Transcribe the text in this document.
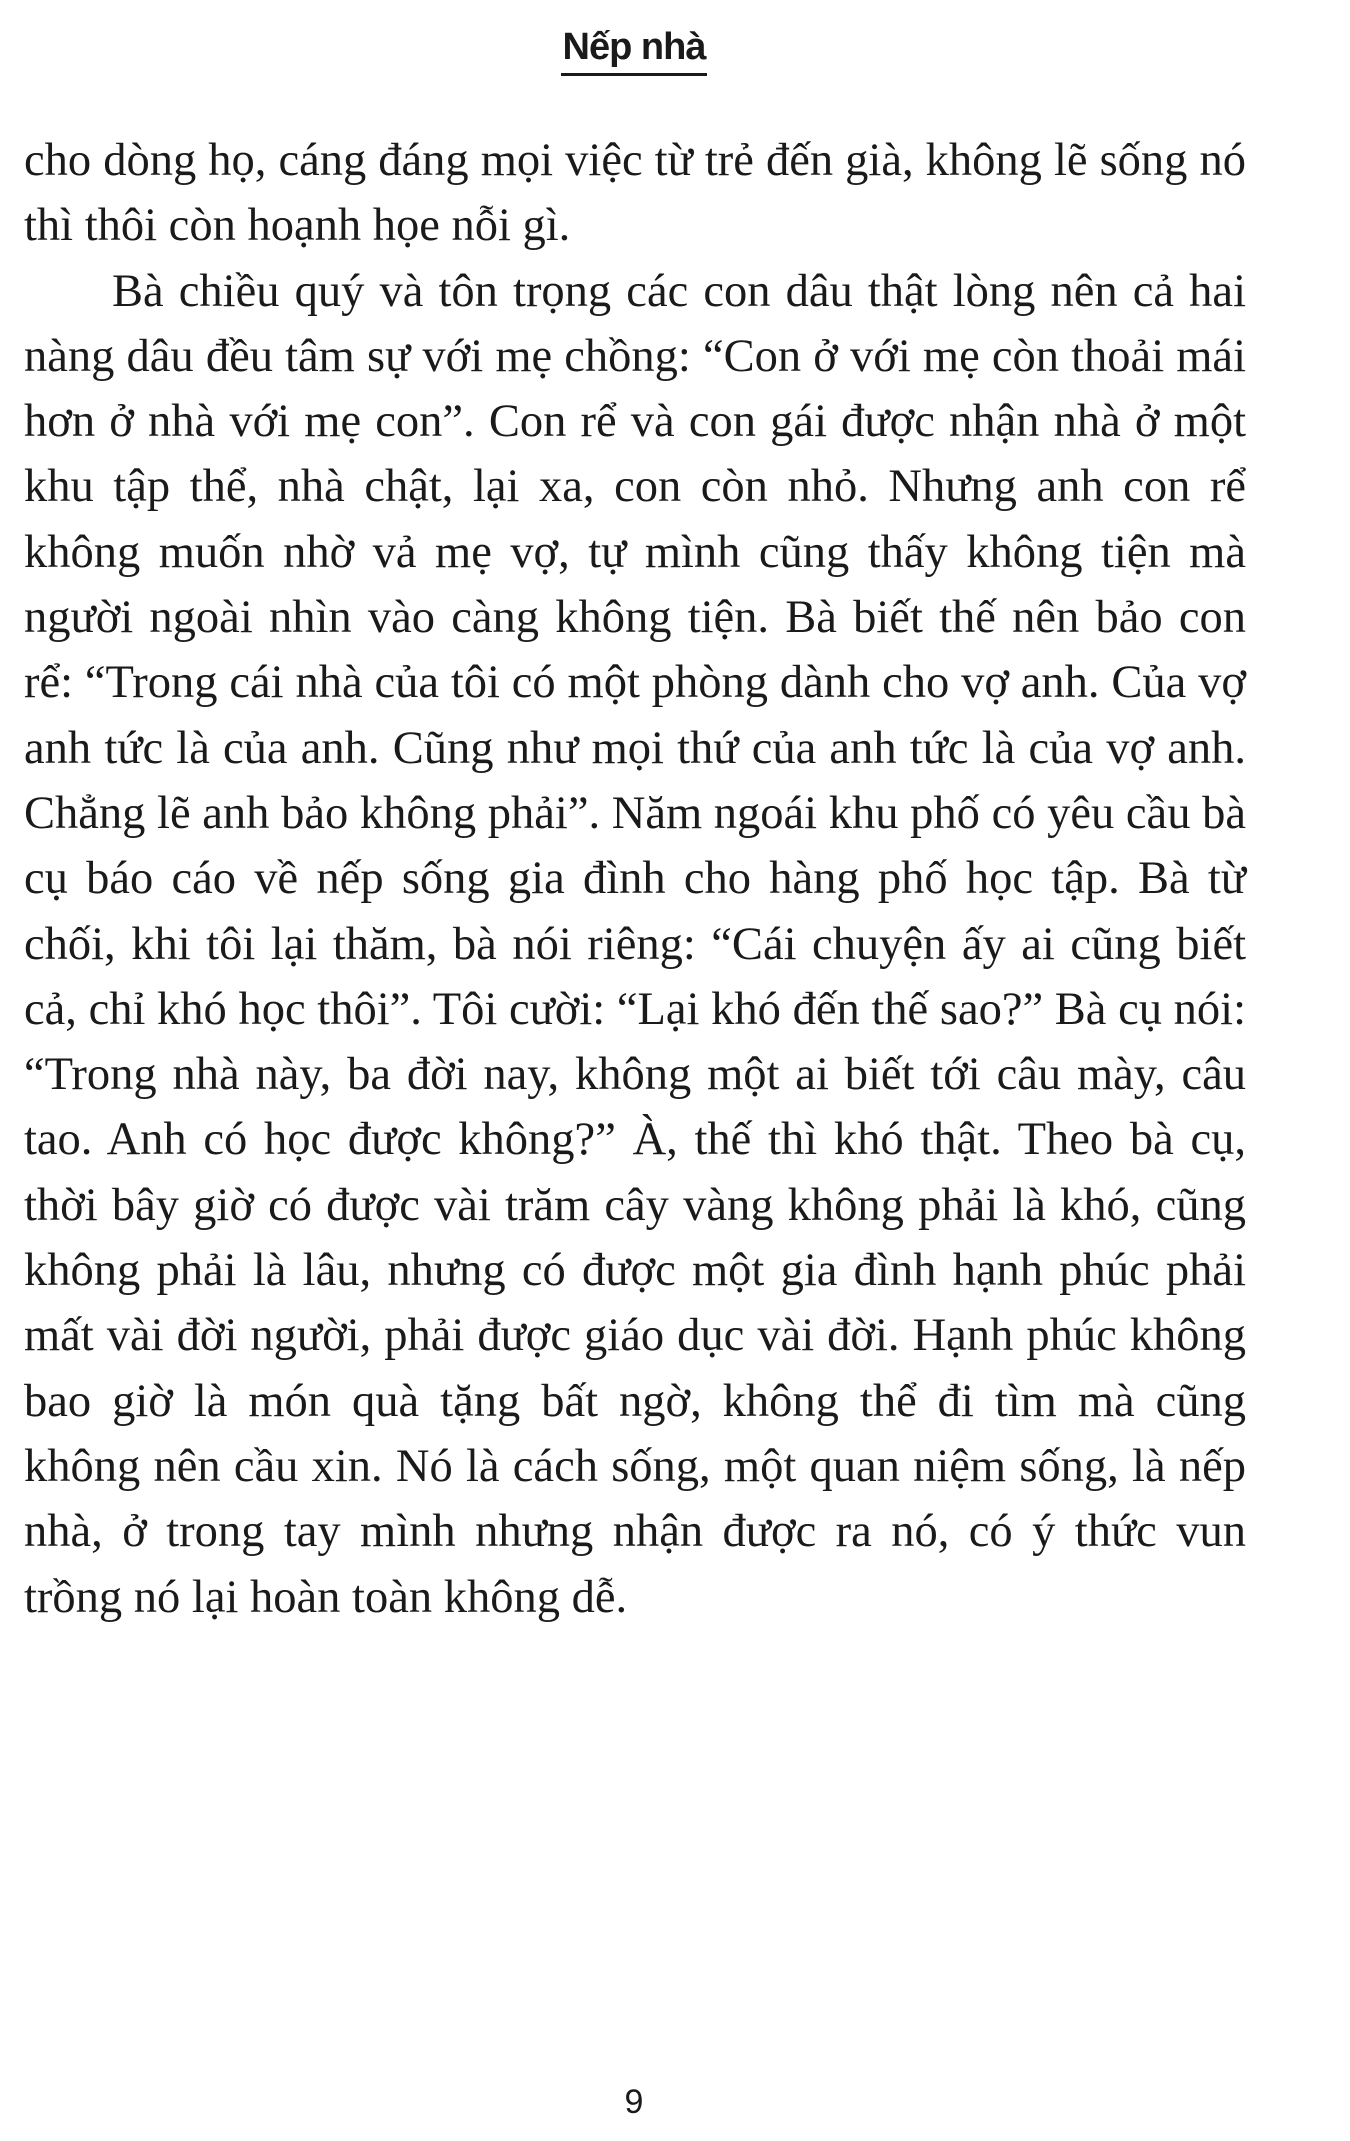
Nếp nhà

cho dòng họ, cáng đáng mọi việc từ trẻ đến già, không lẽ sống nó thì thôi còn hoạnh họe nỗi gì.

Bà chiều quý và tôn trọng các con dâu thật lòng nên cả hai nàng dâu đều tâm sự với mẹ chồng: “Con ở với mẹ còn thoải mái hơn ở nhà với mẹ con”. Con rể và con gái được nhận nhà ở một khu tập thể, nhà chật, lại xa, con còn nhỏ. Nhưng anh con rể không muốn nhờ vả mẹ vợ, tự mình cũng thấy không tiện mà người ngoài nhìn vào càng không tiện. Bà biết thế nên bảo con rể: “Trong cái nhà của tôi có một phòng dành cho vợ anh. Của vợ anh tức là của anh. Cũng như mọi thứ của anh tức là của vợ anh. Chẳng lẽ anh bảo không phải”. Năm ngoái khu phố có yêu cầu bà cụ báo cáo về nếp sống gia đình cho hàng phố học tập. Bà từ chối, khi tôi lại thăm, bà nói riêng: “Cái chuyện ấy ai cũng biết cả, chỉ khó học thôi”. Tôi cười: “Lại khó đến thế sao?” Bà cụ nói: “Trong nhà này, ba đời nay, không một ai biết tới câu mày, câu tao. Anh có học được không?” À, thế thì khó thật. Theo bà cụ, thời bây giờ có được vài trăm cây vàng không phải là khó, cũng không phải là lâu, nhưng có được một gia đình hạnh phúc phải mất vài đời người, phải được giáo dục vài đời. Hạnh phúc không bao giờ là món quà tặng bất ngờ, không thể đi tìm mà cũng không nên cầu xin. Nó là cách sống, một quan niệm sống, là nếp nhà, ở trong tay mình nhưng nhận được ra nó, có ý thức vun trồng nó lại hoàn toàn không dễ.

9
